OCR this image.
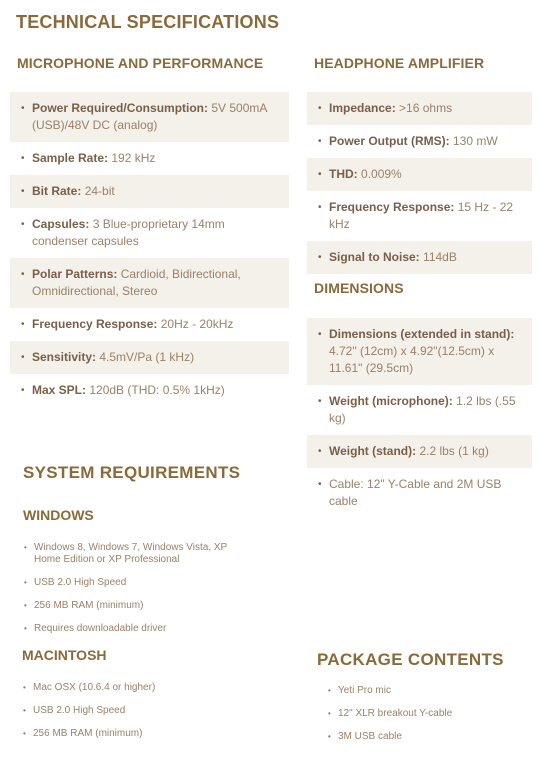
TECHNICAL SPECIFICATIONS
MICROPHONE AND PERFORMANCE	HEADPHONE AMPLIFIER
DIMENSIONS
• Power Required/Consumption: 5V 500mA (USB)/48V DC (analog)
• Sample Rate: 192 kHz
• Bit Rate: 24-bit
• Capsules: 3 Blue-proprietary 14mm condenser capsules
• Polar Patterns: Cardioid, Bidirectional, Omnidirectional, Stereo
• Frequency Response: 20Hz - 20kHz
• Sensitivity: 4.5mV/Pa (1 kHz)
• Max SPL: 120dB (THD: 0.5% 1kHz)
• Impedance: >16 ohms
• Power Output (RMS): 130 mW
• THD: 0.009%
• Frequency Response: 15 Hz - 22 kHz
• Signal to Noise: 114dB
• Dimensions (extended in stand): 4.72" (12cm) x 4.92"(12.5cm) x 11.61" (29.5cm)
• Weight (microphone): 1.2 lbs (.55 kg)
• Weight (stand): 2.2 lbs (1 kg)
• Cable: 12" Y-Cable and 2M USB cable
SYSTEM REQUIREMENTS
WINDOWS
• Windows 8, Windows 7, Windows Vista, XP Home Edition or XP Professional
• USB 2.0 High Speed
• 256 MB RAM (minimum)
• Requires downloadable driver
MACINTOSH
• Mac OSX (10.6.4 or higher)
• USB 2.0 High Speed
• 256 MB RAM (minimum)
PACKAGE CONTENTS
• Yeti Pro mic
• 12" XLR breakout Y-cable
• 3M USB cable
